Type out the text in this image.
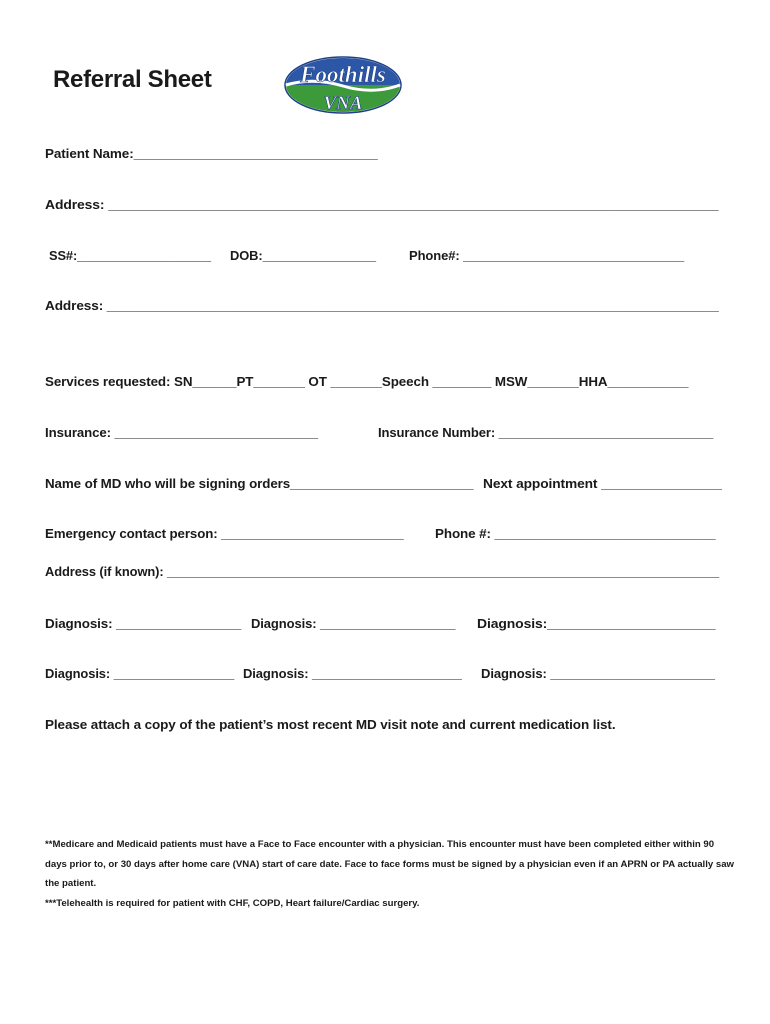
Referral Sheet	Foothills
VNA
Patient Name:_________________________________
Address: ________________________________________________________________________________
SS#:___________________ DOB:________________	Phone#: _______________________________
Address: __________________________________________________________________________________
Services requested: SN______PT_______ OT _______Speech ________ MSW_______HHA___________
Insurance: ____________________________	Insurance Number: ______________________________
Name of MD who will be signing orders_________________________ Next appointment ________________
Emergency contact person: _________________________ Phone #: ______________________________
Address (if known): ______________________________________________________________________________
Diagnosis: _________________ Diagnosis: ___________________ Diagnosis:______________________
Diagnosis: _________________ Diagnosis: _____________________ Diagnosis: _______________________
Please attach a copy of the patient’s most recent MD visit note and current medication list.

**Medicare and Medicaid patients must have a Face to Face encounter with a physician. This encounter must have been completed either within 90 days prior to, or 30 days after home care (VNA) start of care date. Face to face forms must be signed by a physician even if an APRN or PA actually saw the patient.

***Telehealth is required for patient with CHF, COPD, Heart failure/Cardiac surgery.
